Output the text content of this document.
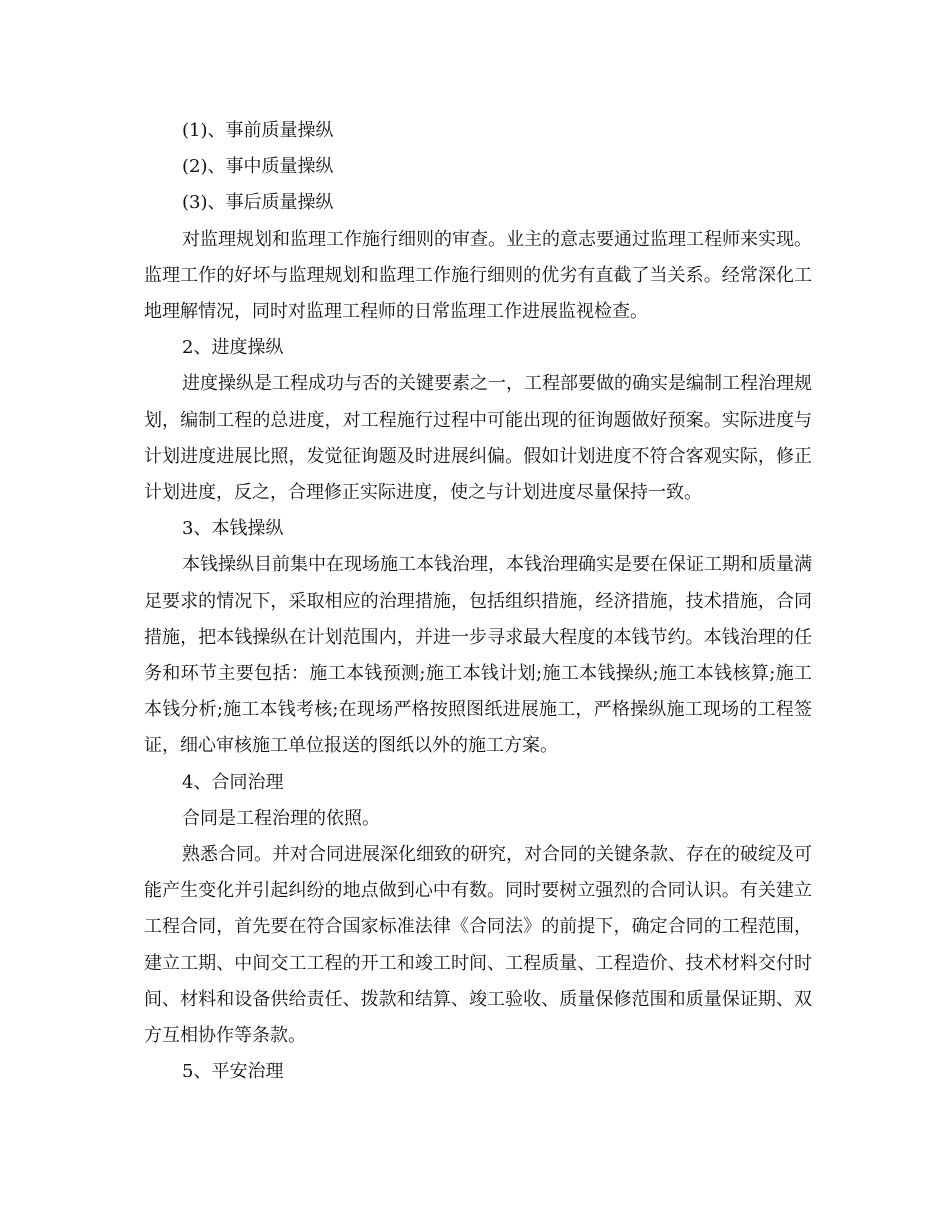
(1)、事前质量操纵

(2)、事中质量操纵

(3)、事后质量操纵

对监理规划和监理工作施行细则的审查。业主的意志要通过监理工程师来实现。监理工作的好坏与监理规划和监理工作施行细则的优劣有直截了当关系。经常深化工地理解情况，同时对监理工程师的日常监理工作进展监视检查。

2、进度操纵

进度操纵是工程成功与否的关键要素之一，工程部要做的确实是编制工程治理规划，编制工程的总进度，对工程施行过程中可能出现的征询题做好预案。实际进度与计划进度进展比照，发觉征询题及时进展纠偏。假如计划进度不符合客观实际，修正计划进度，反之，合理修正实际进度，使之与计划进度尽量保持一致。

3、本钱操纵

本钱操纵目前集中在现场施工本钱治理，本钱治理确实是要在保证工期和质量满足要求的情况下，采取相应的治理措施，包括组织措施，经济措施，技术措施，合同措施，把本钱操纵在计划范围内，并进一步寻求最大程度的本钱节约。本钱治理的任务和环节主要包括：施工本钱预测;施工本钱计划;施工本钱操纵;施工本钱核算;施工本钱分析;施工本钱考核;在现场严格按照图纸进展施工，严格操纵施工现场的工程签证，细心审核施工单位报送的图纸以外的施工方案。

4、合同治理

合同是工程治理的依照。

熟悉合同。并对合同进展深化细致的研究，对合同的关键条款、存在的破绽及可能产生变化并引起纠纷的地点做到心中有数。同时要树立强烈的合同认识。有关建立工程合同，首先要在符合国家标准法律《合同法》的前提下，确定合同的工程范围，建立工期、中间交工工程的开工和竣工时间、工程质量、工程造价、技术材料交付时间、材料和设备供给责任、拨款和结算、竣工验收、质量保修范围和质量保证期、双方互相协作等条款。

5、平安治理
